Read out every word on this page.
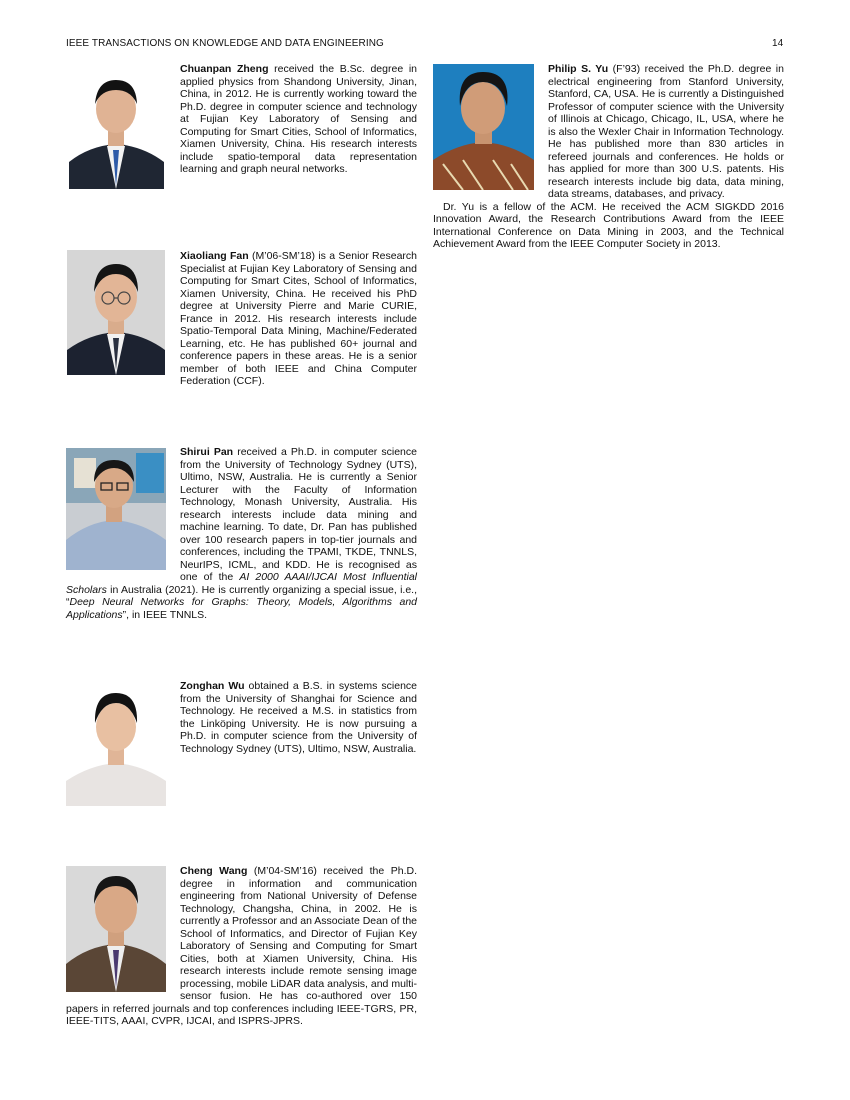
IEEE TRANSACTIONS ON KNOWLEDGE AND DATA ENGINEERING	14
Chuanpan Zheng received the B.Sc. degree in applied physics from Shandong University, Jinan, China, in 2012. He is currently working toward the Ph.D. degree in computer science and technology at Fujian Key Laboratory of Sensing and Computing for Smart Cities, School of Informatics, Xiamen University, China. His research interests include spatio-temporal data representation learning and graph neural networks.
Xiaoliang Fan (M’06-SM’18) is a Senior Research Specialist at Fujian Key Laboratory of Sensing and Computing for Smart Cites, School of Informatics, Xiamen University, China. He received his PhD degree at University Pierre and Marie CURIE, France in 2012. His research interests include Spatio-Temporal Data Mining, Machine/Federated Learning, etc. He has published 60+ journal and conference papers in these areas. He is a senior member of both IEEE and China Computer Federation (CCF).
Shirui Pan received a Ph.D. in computer science from the University of Technology Sydney (UTS), Ultimo, NSW, Australia. He is currently a Senior Lecturer with the Faculty of Information Technology, Monash University, Australia. His research interests include data mining and machine learning. To date, Dr. Pan has published over 100 research papers in top-tier journals and conferences, including the TPAMI, TKDE, TNNLS, NeurIPS, ICML, and KDD. He is recognised as one of the AI 2000 AAAI/IJCAI Most Influential Scholars in Australia (2021). He is currently organizing a special issue, i.e., “Deep Neural Networks for Graphs: Theory, Models, Algorithms and Applications”, in IEEE TNNLS.
Zonghan Wu obtained a B.S. in systems science from the University of Shanghai for Science and Technology. He received a M.S. in statistics from the Linköping University. He is now pursuing a Ph.D. in computer science from the University of Technology Sydney (UTS), Ultimo, NSW, Australia.
Cheng Wang (M’04-SM’16) received the Ph.D. degree in information and communication engineering from National University of Defense Technology, Changsha, China, in 2002. He is currently a Professor and an Associate Dean of the School of Informatics, and Director of Fujian Key Laboratory of Sensing and Computing for Smart Cities, both at Xiamen University, China. His research interests include remote sensing image processing, mobile LiDAR data analysis, and multi-sensor fusion. He has co-authored over 150 papers in referred journals and top conferences including IEEE-TGRS, PR, IEEE-TITS, AAAI, CVPR, IJCAI, and ISPRS-JPRS.
Philip S. Yu (F’93) received the Ph.D. degree in electrical engineering from Stanford University, Stanford, CA, USA. He is currently a Distinguished Professor of computer science with the University of Illinois at Chicago, Chicago, IL, USA, where he is also the Wexler Chair in Information Technology. He has published more than 830 articles in refereed journals and conferences. He holds or has applied for more than 300 U.S. patents. His research interests include big data, data mining, data streams, databases, and privacy.
Dr. Yu is a fellow of the ACM. He received the ACM SIGKDD 2016 Innovation Award, the Research Contributions Award from the IEEE International Conference on Data Mining in 2003, and the Technical Achievement Award from the IEEE Computer Society in 2013.
